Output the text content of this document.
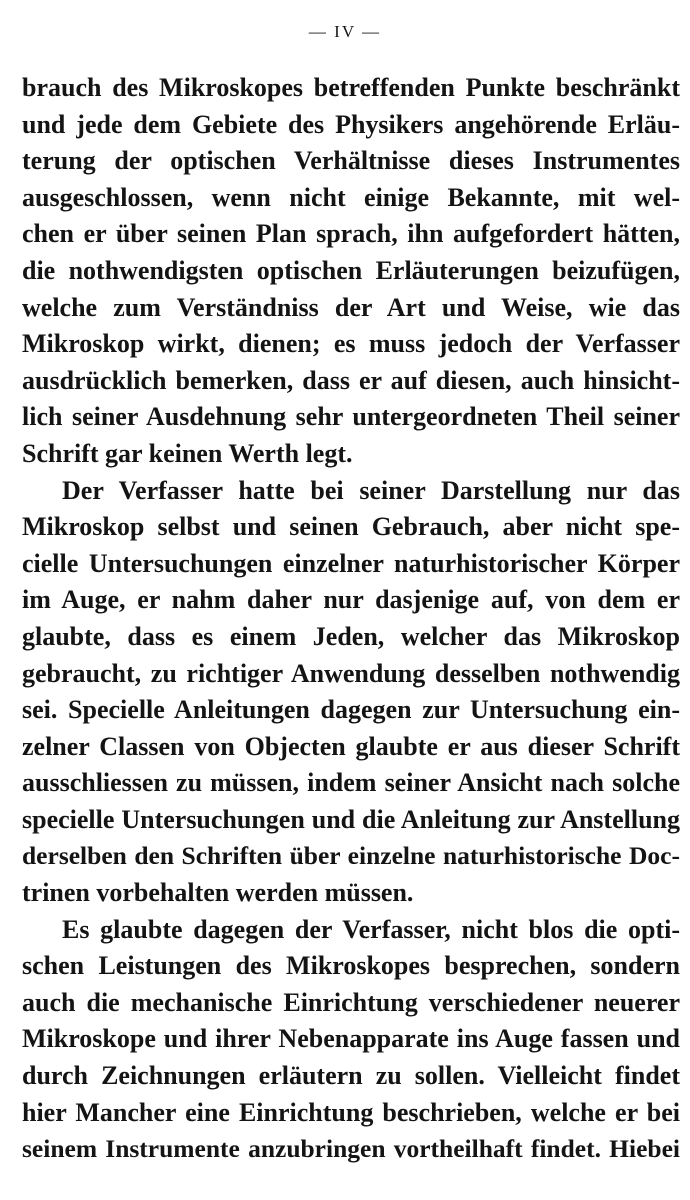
— IV —
brauch des Mikroskopes betreffenden Punkte beschränkt
und jede dem Gebiete des Physikers angehörende Erläu-
terung der optischen Verhältnisse dieses Instrumentes
ausgeschlossen, wenn nicht einige Bekannte, mit wel-
chen er über seinen Plan sprach, ihn aufgefordert hätten,
die nothwendigsten optischen Erläuterungen beizufügen,
welche zum Verständniss der Art und Weise, wie das
Mikroskop wirkt, dienen; es muss jedoch der Verfasser
ausdrücklich bemerken, dass er auf diesen, auch hinsicht-
lich seiner Ausdehnung sehr untergeordneten Theil seiner
Schrift gar keinen Werth legt.
Der Verfasser hatte bei seiner Darstellung nur das
Mikroskop selbst und seinen Gebrauch, aber nicht spe-
cielle Untersuchungen einzelner naturhistorischer Körper
im Auge, er nahm daher nur dasjenige auf, von dem er
glaubte, dass es einem Jeden, welcher das Mikroskop
gebraucht, zu richtiger Anwendung desselben nothwendig
sei. Specielle Anleitungen dagegen zur Untersuchung ein-
zelner Classen von Objecten glaubte er aus dieser Schrift
ausschliessen zu müssen, indem seiner Ansicht nach solche
specielle Untersuchungen und die Anleitung zur Anstellung
derselben den Schriften über einzelne naturhistorische Doc-
trinen vorbehalten werden müssen.
Es glaubte dagegen der Verfasser, nicht blos die opti-
schen Leistungen des Mikroskopes besprechen, sondern
auch die mechanische Einrichtung verschiedener neuerer
Mikroskope und ihrer Nebenapparate ins Auge fassen und
durch Zeichnungen erläutern zu sollen. Vielleicht findet
hier Mancher eine Einrichtung beschrieben, welche er bei
seinem Instrumente anzubringen vortheilhaft findet. Hiebei
